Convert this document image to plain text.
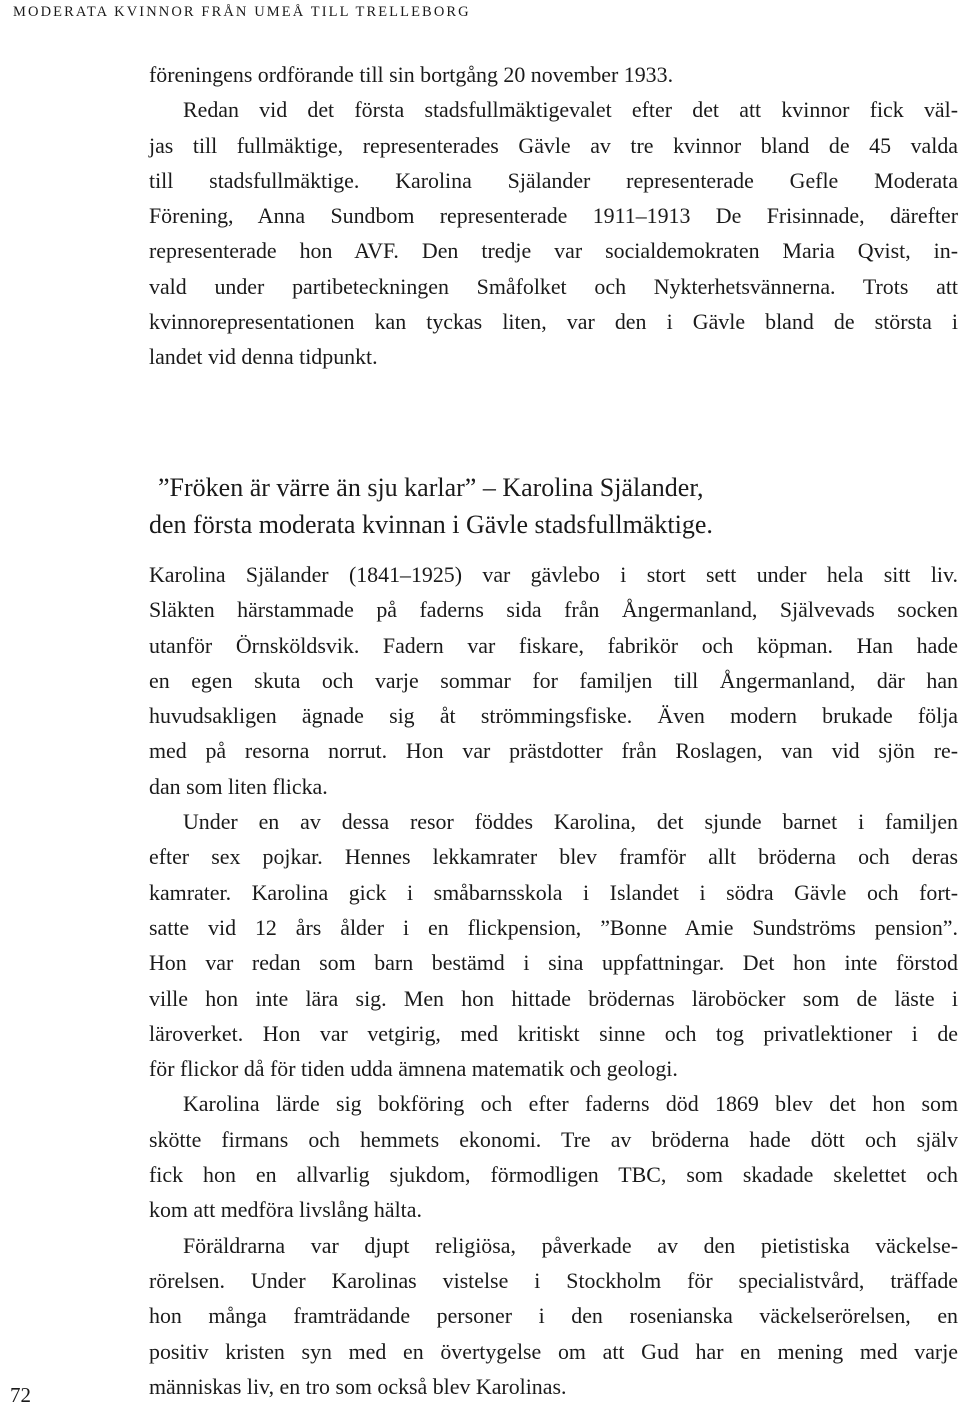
MODERATA KVINNOR FRÅN UMEÅ TILL TRELLEBORG
föreningens ordförande till sin bortgång 20 november 1933.
Redan vid det första stadsfullmäktigevalet efter det att kvinnor fick väl-
jas till fullmäktige, representerades Gävle av tre kvinnor bland de 45 valda
till stadsfullmäktige. Karolina Själander representerade Gefle Moderata
Förening, Anna Sundbom representerade 1911–1913 De Frisinnade, därefter
representerade hon AVF. Den tredje var socialdemokraten Maria Qvist, in-
vald under partibeteckningen Småfolket och Nykterhetsvännerna. Trots att
kvinnorepresentationen kan tyckas liten, var den i Gävle bland de största i
landet vid denna tidpunkt.
”Fröken är värre än sju karlar” – Karolina Själander,
den första moderata kvinnan i Gävle stadsfullmäktige.
Karolina Själander (1841–1925) var gävlebo i stort sett under hela sitt liv.
Släkten härstammade på faderns sida från Ångermanland, Självevads socken
utanför Örnsköldsvik. Fadern var fiskare, fabrikör och köpman. Han hade
en egen skuta och varje sommar for familjen till Ångermanland, där han
huvudsakligen ägnade sig åt strömmingsfiske. Även modern brukade följa
med på resorna norrut. Hon var prästdotter från Roslagen, van vid sjön re-
dan som liten flicka.
Under en av dessa resor föddes Karolina, det sjunde barnet i familjen
efter sex pojkar. Hennes lekkamrater blev framför allt bröderna och deras
kamrater. Karolina gick i småbarnsskola i Islandet i södra Gävle och fort-
satte vid 12 års ålder i en flickpension, ”Bonne Amie Sundströms pension”.
Hon var redan som barn bestämd i sina uppfattningar. Det hon inte förstod
ville hon inte lära sig. Men hon hittade brödernas läroböcker som de läste i
läroverket. Hon var vetgirig, med kritiskt sinne och tog privatlektioner i de
för flickor då för tiden udda ämnena matematik och geologi.
Karolina lärde sig bokföring och efter faderns död 1869 blev det hon som
skötte firmans och hemmets ekonomi. Tre av bröderna hade dött och själv
fick hon en allvarlig sjukdom, förmodligen TBC, som skadade skelettet och
kom att medföra livslång hälta.
Föräldrarna var djupt religiösa, påverkade av den pietistiska väckelse-
rörelsen. Under Karolinas vistelse i Stockholm för specialistvård, träffade
hon många framträdande personer i den rosenianska väckelserörelsen, en
positiv kristen syn med en övertygelse om att Gud har en mening med varje
människas liv, en tro som också blev Karolinas.
72
